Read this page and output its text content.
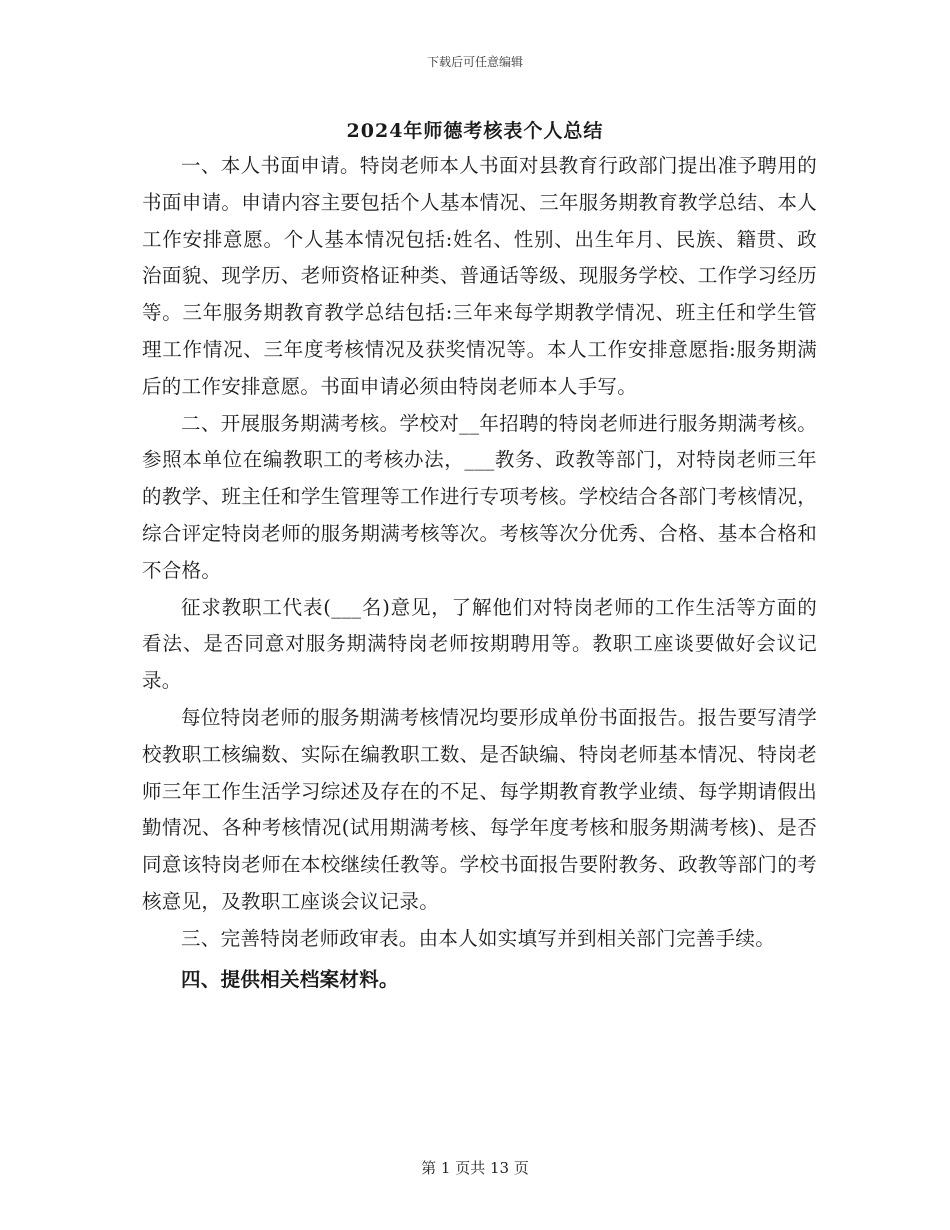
下载后可任意编辑
2024年师德考核表个人总结

一、本人书面申请。特岗老师本人书面对县教育行政部门提出准予聘用的书面申请。申请内容主要包括个人基本情况、三年服务期教育教学总结、本人工作安排意愿。个人基本情况包括:姓名、性别、出生年月、民族、籍贯、政治面貌、现学历、老师资格证种类、普通话等级、现服务学校、工作学习经历等。三年服务期教育教学总结包括:三年来每学期教学情况、班主任和学生管理工作情况、三年度考核情况及获奖情况等。本人工作安排意愿指:服务期满后的工作安排意愿。书面申请必须由特岗老师本人手写。

二、开展服务期满考核。学校对__年招聘的特岗老师进行服务期满考核。参照本单位在编教职工的考核办法，___教务、政教等部门，对特岗老师三年的教学、班主任和学生管理等工作进行专项考核。学校结合各部门考核情况，综合评定特岗老师的服务期满考核等次。考核等次分优秀、合格、基本合格和不合格。

征求教职工代表(___名)意见，了解他们对特岗老师的工作生活等方面的看法、是否同意对服务期满特岗老师按期聘用等。教职工座谈要做好会议记录。

每位特岗老师的服务期满考核情况均要形成单份书面报告。报告要写清学校教职工核编数、实际在编教职工数、是否缺编、特岗老师基本情况、特岗老师三年工作生活学习综述及存在的不足、每学期教育教学业绩、每学期请假出勤情况、各种考核情况(试用期满考核、每学年度考核和服务期满考核)、是否同意该特岗老师在本校继续任教等。学校书面报告要附教务、政教等部门的考核意见，及教职工座谈会议记录。

三、完善特岗老师政审表。由本人如实填写并到相关部门完善手续。

四、提供相关档案材料。

第 1 页共 13 页
